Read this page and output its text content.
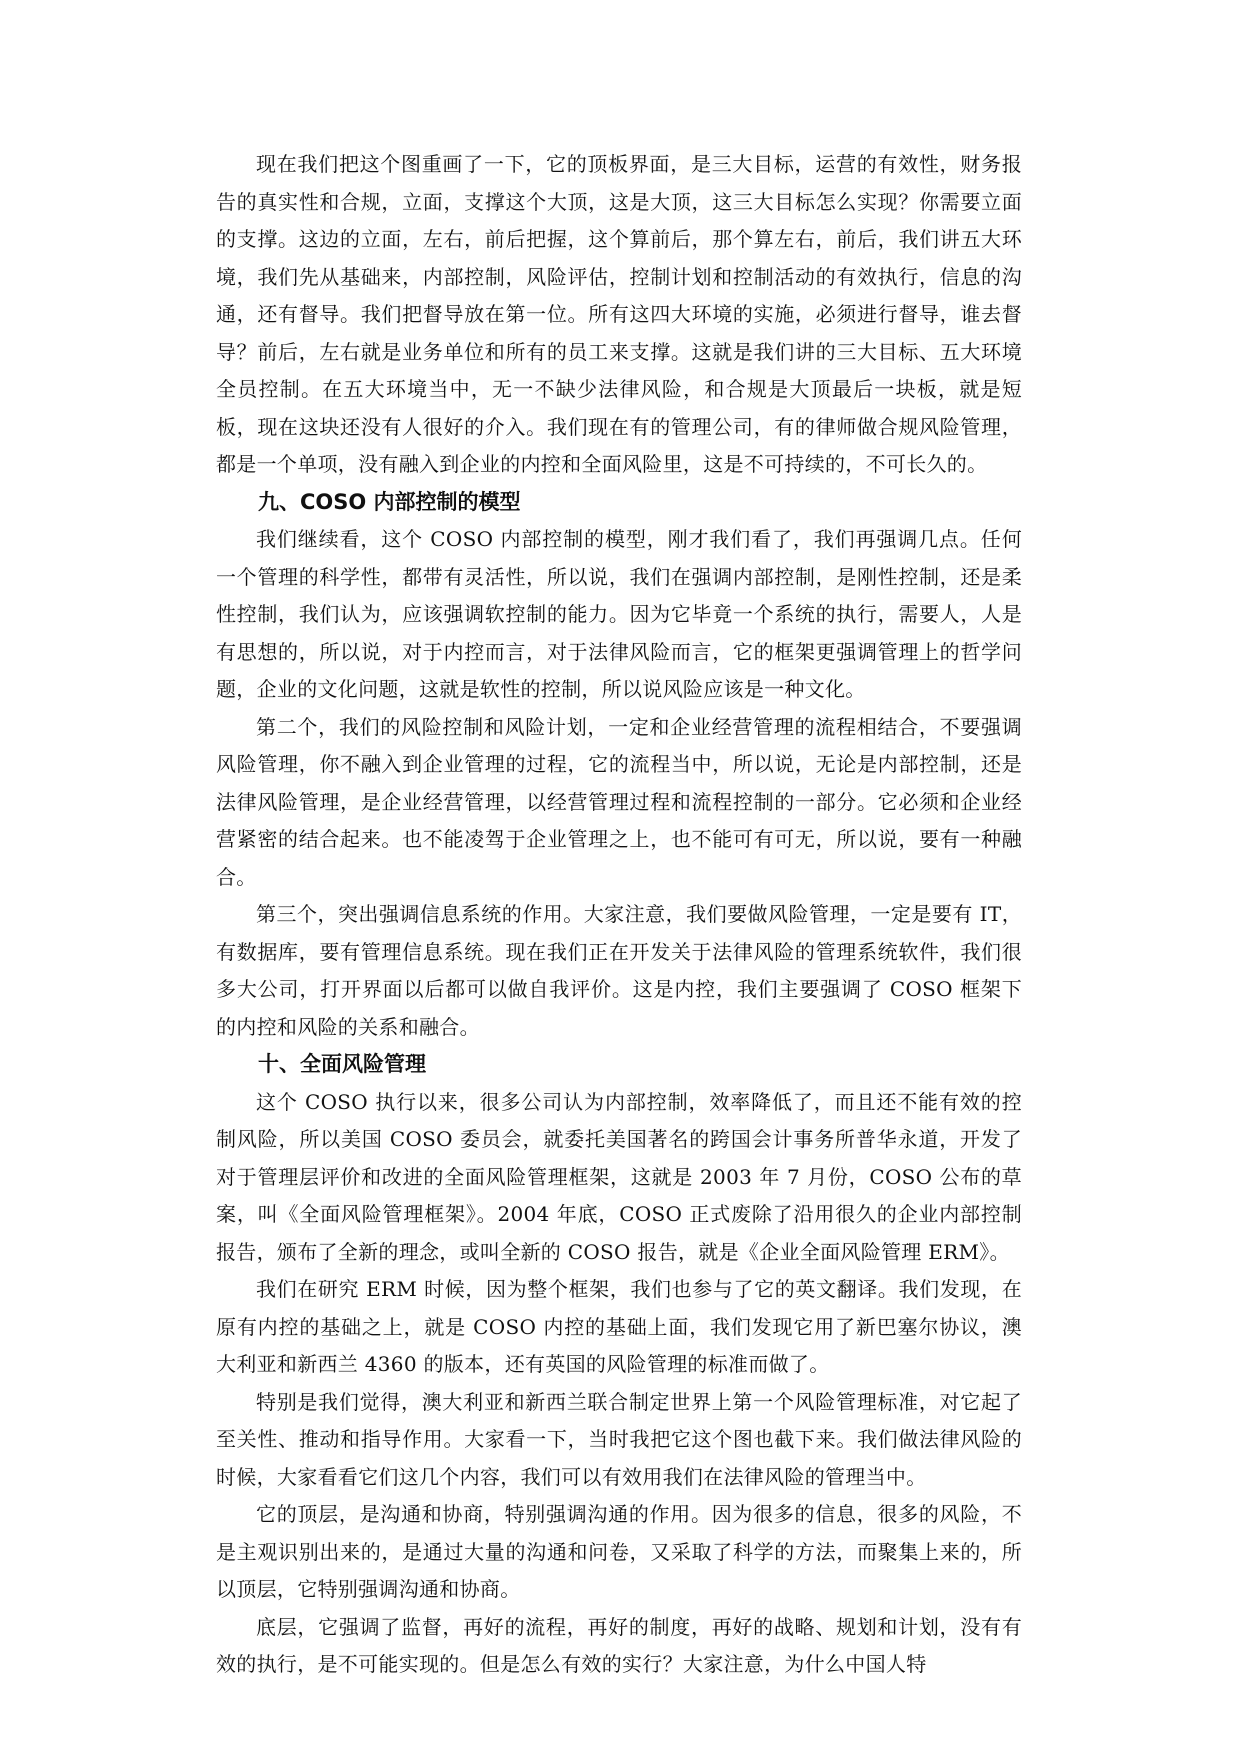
现在我们把这个图重画了一下，它的顶板界面，是三大目标，运营的有效性，财务报告的真实性和合规，立面，支撑这个大顶，这是大顶，这三大目标怎么实现？你需要立面的支撑。这边的立面，左右，前后把握，这个算前后，那个算左右，前后，我们讲五大环境，我们先从基础来，内部控制，风险评估，控制计划和控制活动的有效执行，信息的沟通，还有督导。我们把督导放在第一位。所有这四大环境的实施，必须进行督导，谁去督导？前后，左右就是业务单位和所有的员工来支撑。这就是我们讲的三大目标、五大环境全员控制。在五大环境当中，无一不缺少法律风险，和合规是大顶最后一块板，就是短板，现在这块还没有人很好的介入。我们现在有的管理公司，有的律师做合规风险管理，都是一个单项，没有融入到企业的内控和全面风险里，这是不可持续的，不可长久的。

九、COSO 内部控制的模型

我们继续看，这个 COSO 内部控制的模型，刚才我们看了，我们再强调几点。任何一个管理的科学性，都带有灵活性，所以说，我们在强调内部控制，是刚性控制，还是柔性控制，我们认为，应该强调软控制的能力。因为它毕竟一个系统的执行，需要人，人是有思想的，所以说，对于内控而言，对于法律风险而言，它的框架更强调管理上的哲学问题，企业的文化问题，这就是软性的控制，所以说风险应该是一种文化。

第二个，我们的风险控制和风险计划，一定和企业经营管理的流程相结合，不要强调风险管理，你不融入到企业管理的过程，它的流程当中，所以说，无论是内部控制，还是法律风险管理，是企业经营管理，以经营管理过程和流程控制的一部分。它必须和企业经营紧密的结合起来。也不能凌驾于企业管理之上，也不能可有可无，所以说，要有一种融合。

第三个，突出强调信息系统的作用。大家注意，我们要做风险管理，一定是要有 IT，有数据库，要有管理信息系统。现在我们正在开发关于法律风险的管理系统软件，我们很多大公司，打开界面以后都可以做自我评价。这是内控，我们主要强调了 COSO 框架下的内控和风险的关系和融合。

十、全面风险管理

这个 COSO 执行以来，很多公司认为内部控制，效率降低了，而且还不能有效的控制风险，所以美国 COSO 委员会，就委托美国著名的跨国会计事务所普华永道，开发了对于管理层评价和改进的全面风险管理框架，这就是 2003 年 7 月份，COSO 公布的草案，叫《全面风险管理框架》。2004 年底，COSO 正式废除了沿用很久的企业内部控制报告，颁布了全新的理念，或叫全新的 COSO 报告，就是《企业全面风险管理 ERM》。

我们在研究 ERM 时候，因为整个框架，我们也参与了它的英文翻译。我们发现，在原有内控的基础之上，就是 COSO 内控的基础上面，我们发现它用了新巴塞尔协议，澳大利亚和新西兰 4360 的版本，还有英国的风险管理的标准而做了。

特别是我们觉得，澳大利亚和新西兰联合制定世界上第一个风险管理标准，对它起了至关性、推动和指导作用。大家看一下，当时我把它这个图也截下来。我们做法律风险的时候，大家看看它们这几个内容，我们可以有效用我们在法律风险的管理当中。

它的顶层，是沟通和协商，特别强调沟通的作用。因为很多的信息，很多的风险，不是主观识别出来的，是通过大量的沟通和问卷，又采取了科学的方法，而聚集上来的，所以顶层，它特别强调沟通和协商。

底层，它强调了监督，再好的流程，再好的制度，再好的战略、规划和计划，没有有效的执行，是不可能实现的。但是怎么有效的实行？大家注意，为什么中国人特
